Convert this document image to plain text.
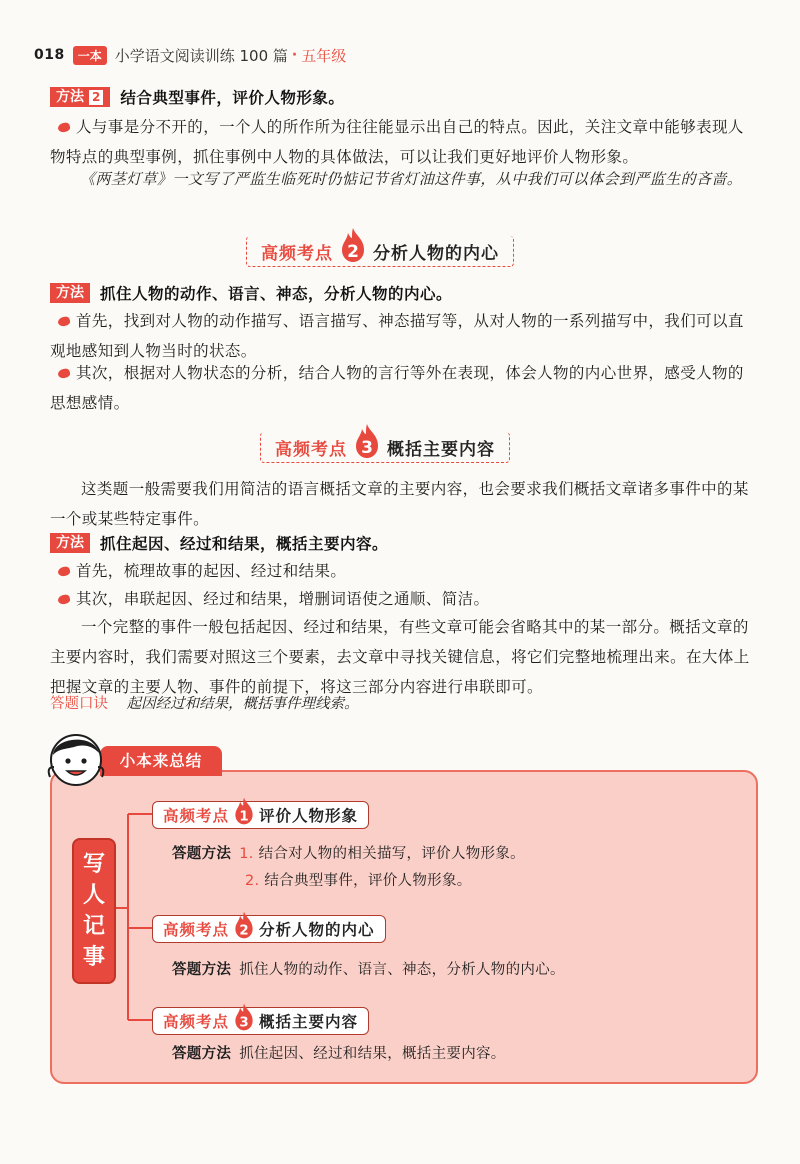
018	一本 小学语文阅读训练 100 篇 · 五年级
方法 2 结合典型事件，评价人物形象。
人与事是分不开的，一个人的所作所为往往能显示出自己的特点。因此，关注文章中能够表现人物特点的典型事例，抓住事例中人物的具体做法，可以让我们更好地评价人物形象。
《两茎灯草》一文写了严监生临死时仍惦记节省灯油这件事，从中我们可以体会到严监生的吝啬。
高频考点 2 分析人物的内心
方法	抓住人物的动作、语言、神态，分析人物的内心。
首先，找到对人物的动作描写、语言描写、神态描写等，从对人物的一系列描写中，我们可以直观地感知到人物当时的状态。
其次，根据对人物状态的分析，结合人物的言行等外在表现，体会人物的内心世界，感受人物的思想感情。
高频考点 3 概括主要内容
这类题一般需要我们用简洁的语言概括文章的主要内容，也会要求我们概括文章诸多事件中的某一个或某些特定事件。
方法	抓住起因、经过和结果，概括主要内容。
首先，梳理故事的起因、经过和结果。
其次，串联起因、经过和结果，增删词语使之通顺、简洁。
一个完整的事件一般包括起因、经过和结果，有些文章可能会省略其中的某一部分。概括文章的主要内容时，我们需要对照这三个要素，去文章中寻找关键信息，将它们完整地梳理出来。在大体上把握文章的主要人物、事件的前提下，将这三部分内容进行串联即可。
答题口诀 起因经过和结果，概括事件理线索。
小本来总结
写
人
记
事
高频考点 1 评价人物形象
答题方法 1. 结合对人物的相关描写，评价人物形象。
2. 结合典型事件，评价人物形象。
高频考点 2 分析人物的内心
答题方法 抓住人物的动作、语言、神态，分析人物的内心。
高频考点 3 概括主要内容
答题方法 抓住起因、经过和结果，概括主要内容。
